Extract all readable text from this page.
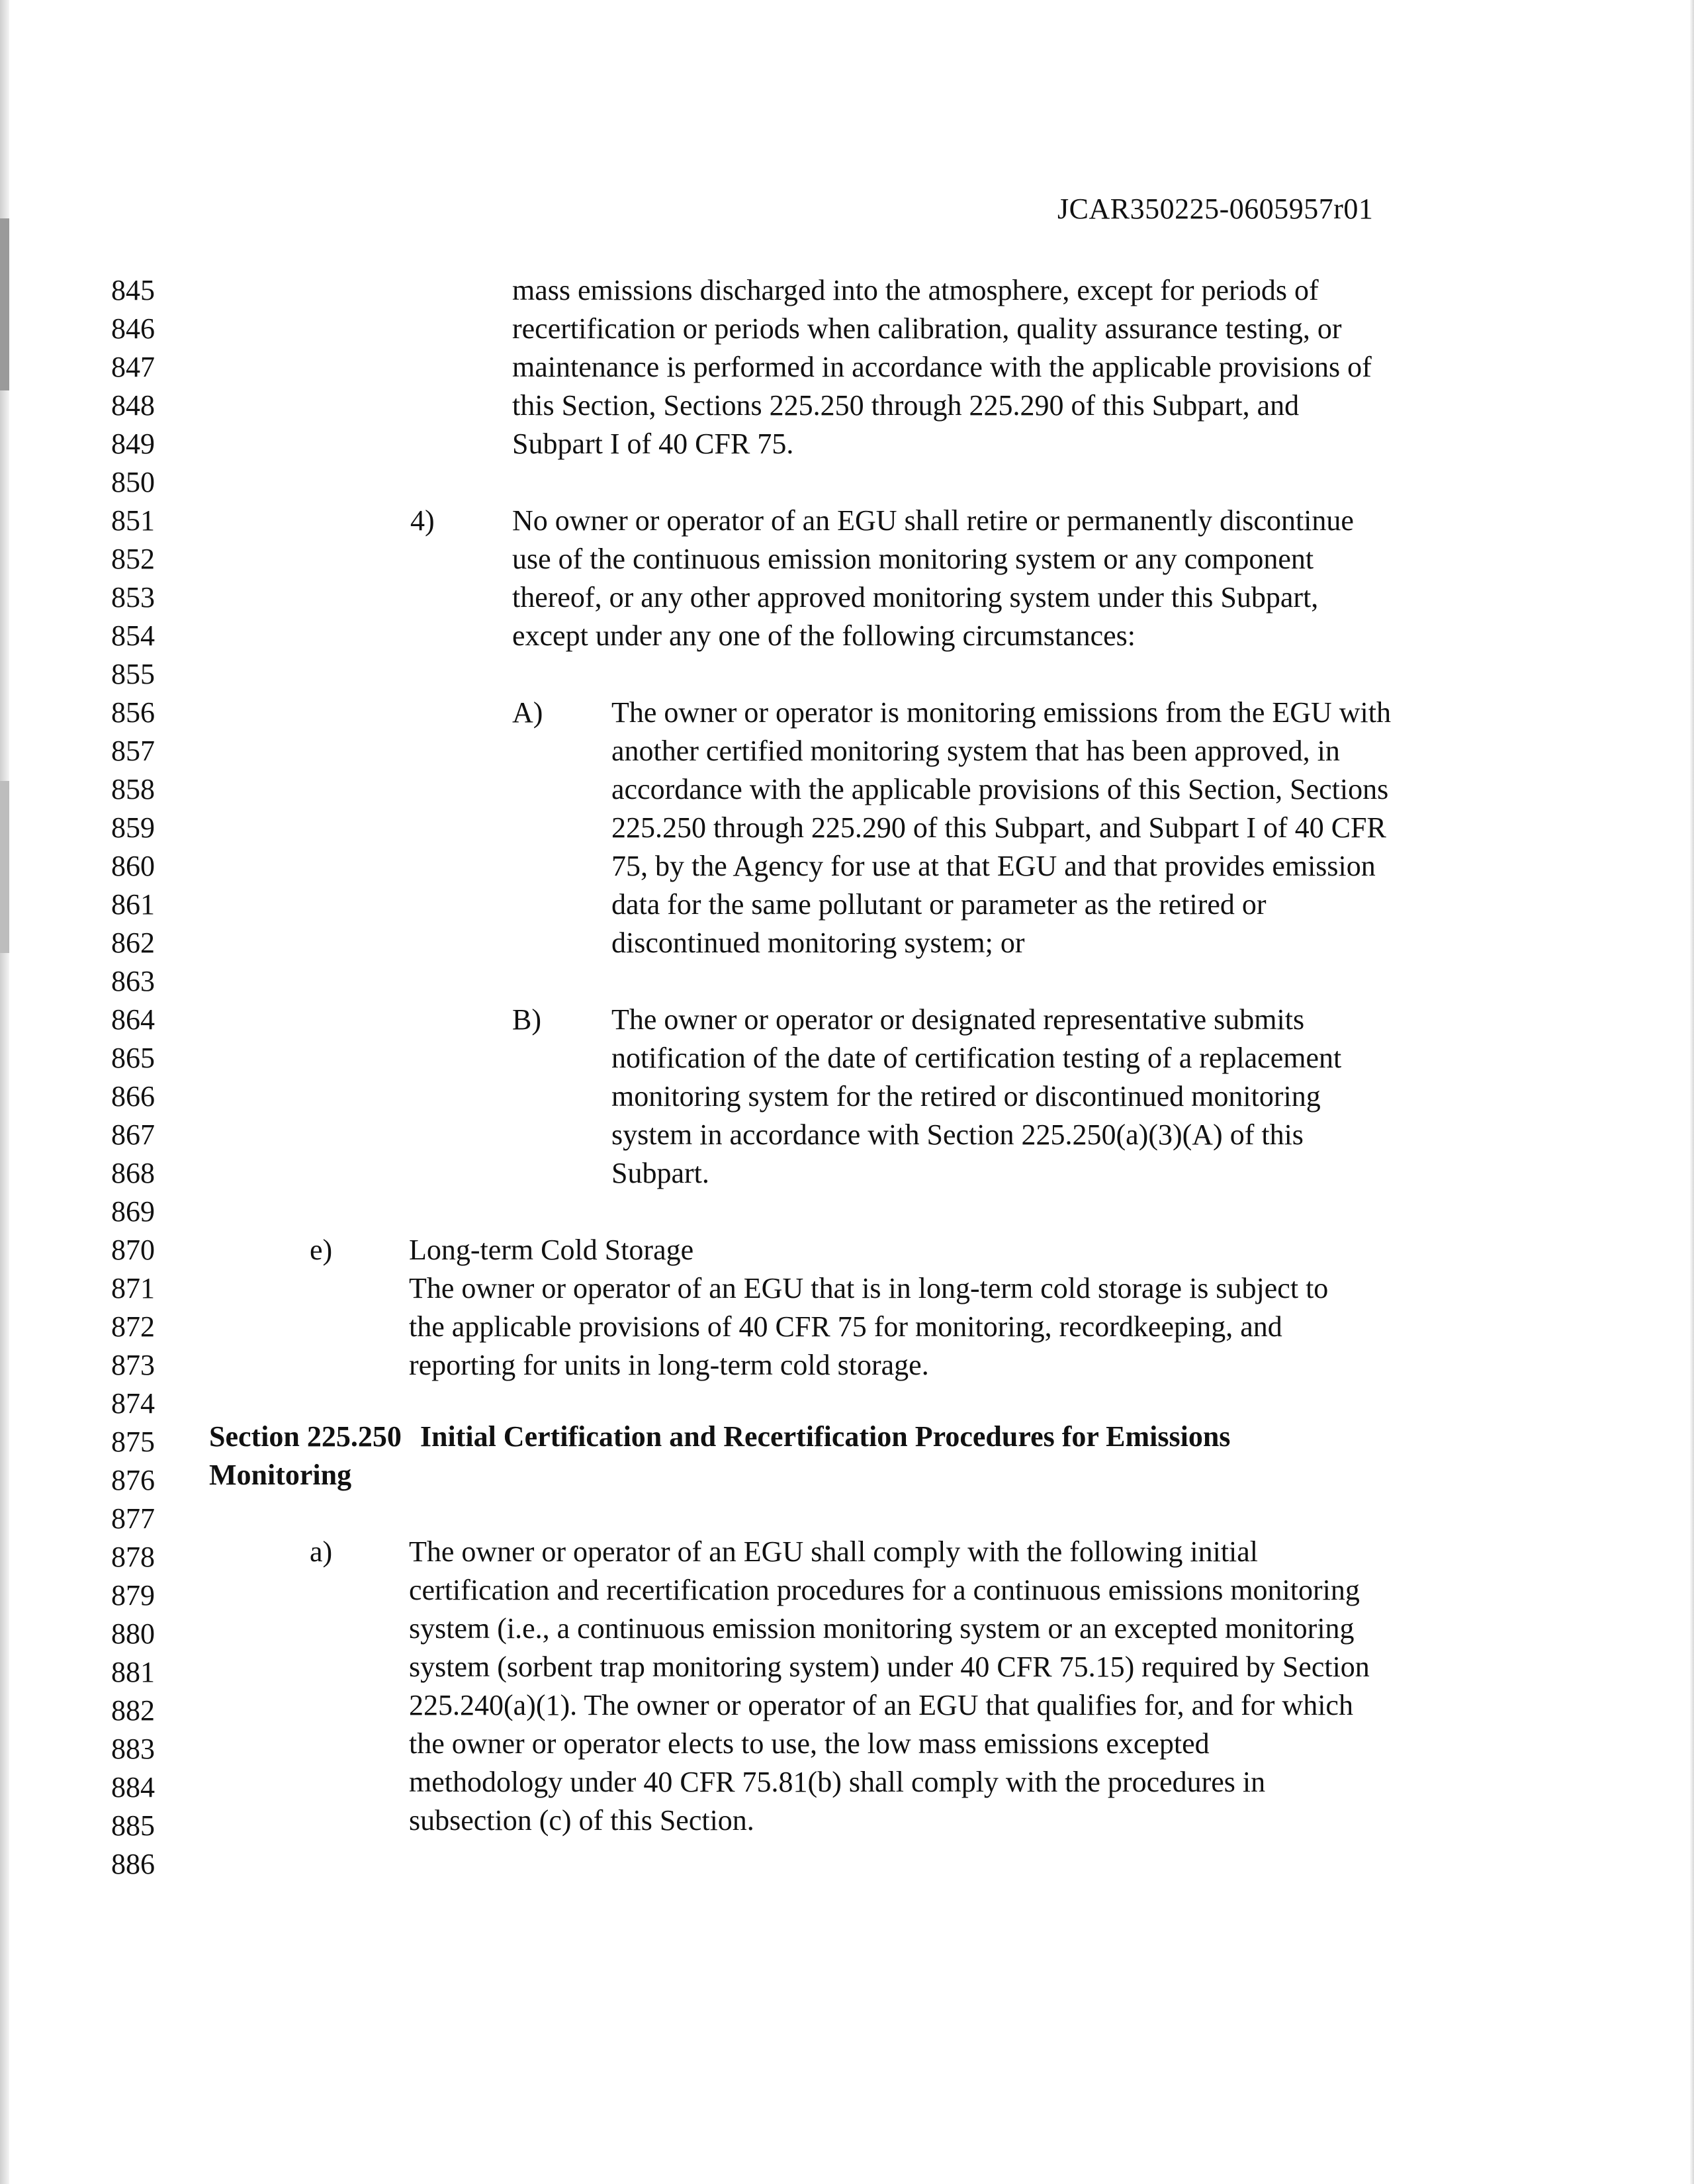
JCAR350225-0605957r01
845
846
847
848
849
850
851
852
853
854
855
856
857
858
859
860
861
862
863
864
865
866
867
868
869
870
871
872
873
874
875
876
877
878
879
880
881
882
883
884
885
886
mass emissions discharged into the atmosphere, except for periods of
recertification or periods when calibration, quality assurance testing, or
maintenance is performed in accordance with the applicable provisions of
this Section, Sections 225.250 through 225.290 of this Subpart, and
Subpart I of 40 CFR 75.
4)	No owner or operator of an EGU shall retire or permanently discontinue
use of the continuous emission monitoring system or any component
thereof, or any other approved monitoring system under this Subpart,
except under any one of the following circumstances:
A) The owner or operator is monitoring emissions from the EGU with
another certified monitoring system that has been approved, in
accordance with the applicable provisions of this Section, Sections
225.250 through 225.290 of this Subpart, and Subpart I of 40 CFR
75, by the Agency for use at that EGU and that provides emission
data for the same pollutant or parameter as the retired or
discontinued monitoring system; or
B) The owner or operator or designated representative submits
notification of the date of certification testing of a replacement
monitoring system for the retired or discontinued monitoring
system in accordance with Section 225.250(a)(3)(A) of this
Subpart.
e)	Long-term Cold Storage
The owner or operator of an EGU that is in long-term cold storage is subject to
the applicable provisions of 40 CFR 75 for monitoring, recordkeeping, and
reporting for units in long-term cold storage.
Section 225.250 Initial Certification and Recertification Procedures for Emissions
Monitoring
a)	The owner or operator of an EGU shall comply with the following initial
certification and recertification procedures for a continuous emissions monitoring
system (i.e., a continuous emission monitoring system or an excepted monitoring
system (sorbent trap monitoring system) under 40 CFR 75.15) required by Section
225.240(a)(1). The owner or operator of an EGU that qualifies for, and for which
the owner or operator elects to use, the low mass emissions excepted
methodology under 40 CFR 75.81(b) shall comply with the procedures in
subsection (c) of this Section.
